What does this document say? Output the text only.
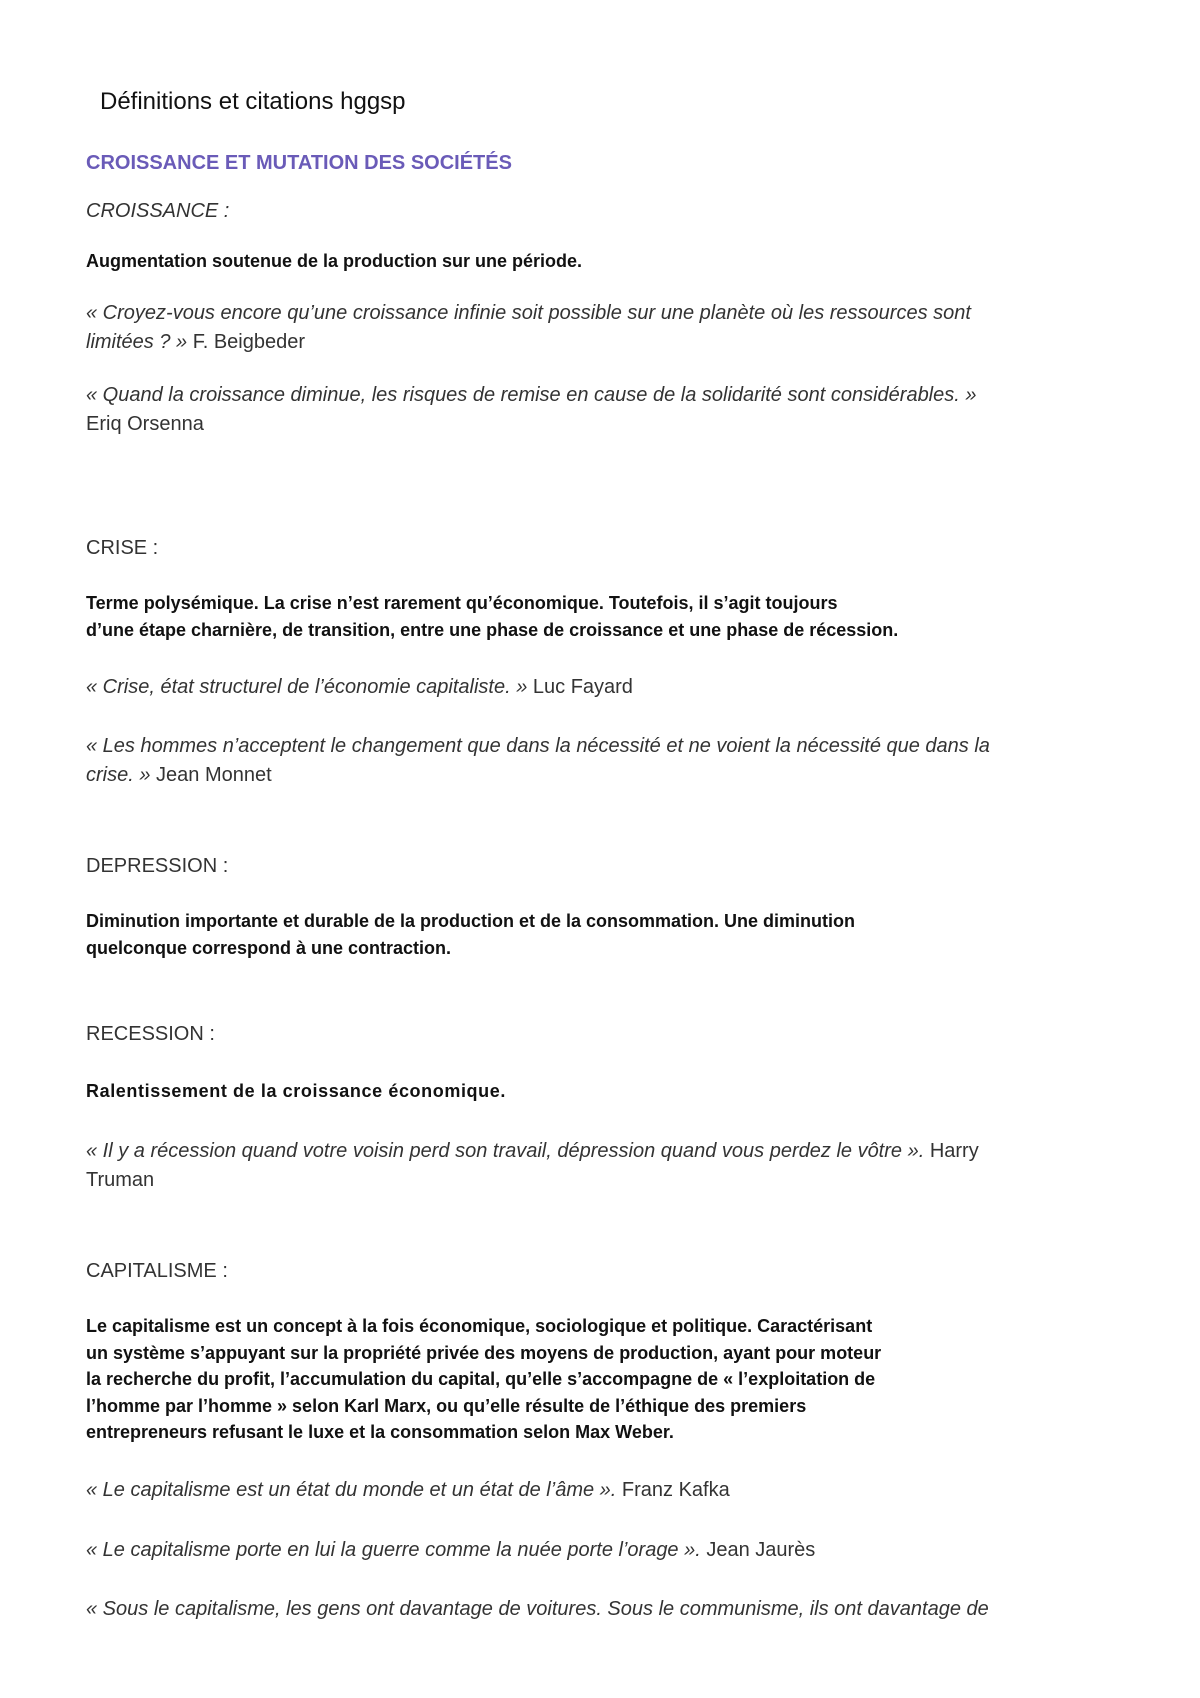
Définitions et citations hggsp
CROISSANCE ET MUTATION DES SOCIÉTÉS

CROISSANCE :

Augmentation soutenue de la production sur une période.

« Croyez-vous encore qu’une croissance infinie soit possible sur une planète où les ressources sont

limitées ? » F. Beigbeder

« Quand la croissance diminue, les risques de remise en cause de la solidarité sont considérables. »

Eriq Orsenna

CRISE :

Terme polysémique. La crise n’est rarement qu’économique. Toutefois, il s’agit toujours

d’une étape charnière, de transition, entre une phase de croissance et une phase de récession.

« Crise, état structurel de l’économie capitaliste. » Luc Fayard

« Les hommes n’acceptent le changement que dans la nécessité et ne voient la nécessité que dans la

crise. » Jean Monnet

DEPRESSION :

Diminution importante et durable de la production et de la consommation. Une diminution

quelconque correspond à une contraction.

RECESSION :

Ralentissement de la croissance économique.

« Il y a récession quand votre voisin perd son travail, dépression quand vous perdez le vôtre ». Harry

Truman

CAPITALISME :

Le capitalisme est un concept à la fois économique, sociologique et politique. Caractérisant

un système s’appuyant sur la propriété privée des moyens de production, ayant pour moteur

la recherche du profit, l’accumulation du capital, qu’elle s’accompagne de « l’exploitation de

l’homme par l’homme » selon Karl Marx, ou qu’elle résulte de l’éthique des premiers

entrepreneurs refusant le luxe et la consommation selon Max Weber.

« Le capitalisme est un état du monde et un état de l’âme ». Franz Kafka

« Le capitalisme porte en lui la guerre comme la nuée porte l’orage ». Jean Jaurès

« Sous le capitalisme, les gens ont davantage de voitures. Sous le communisme, ils ont davantage de
